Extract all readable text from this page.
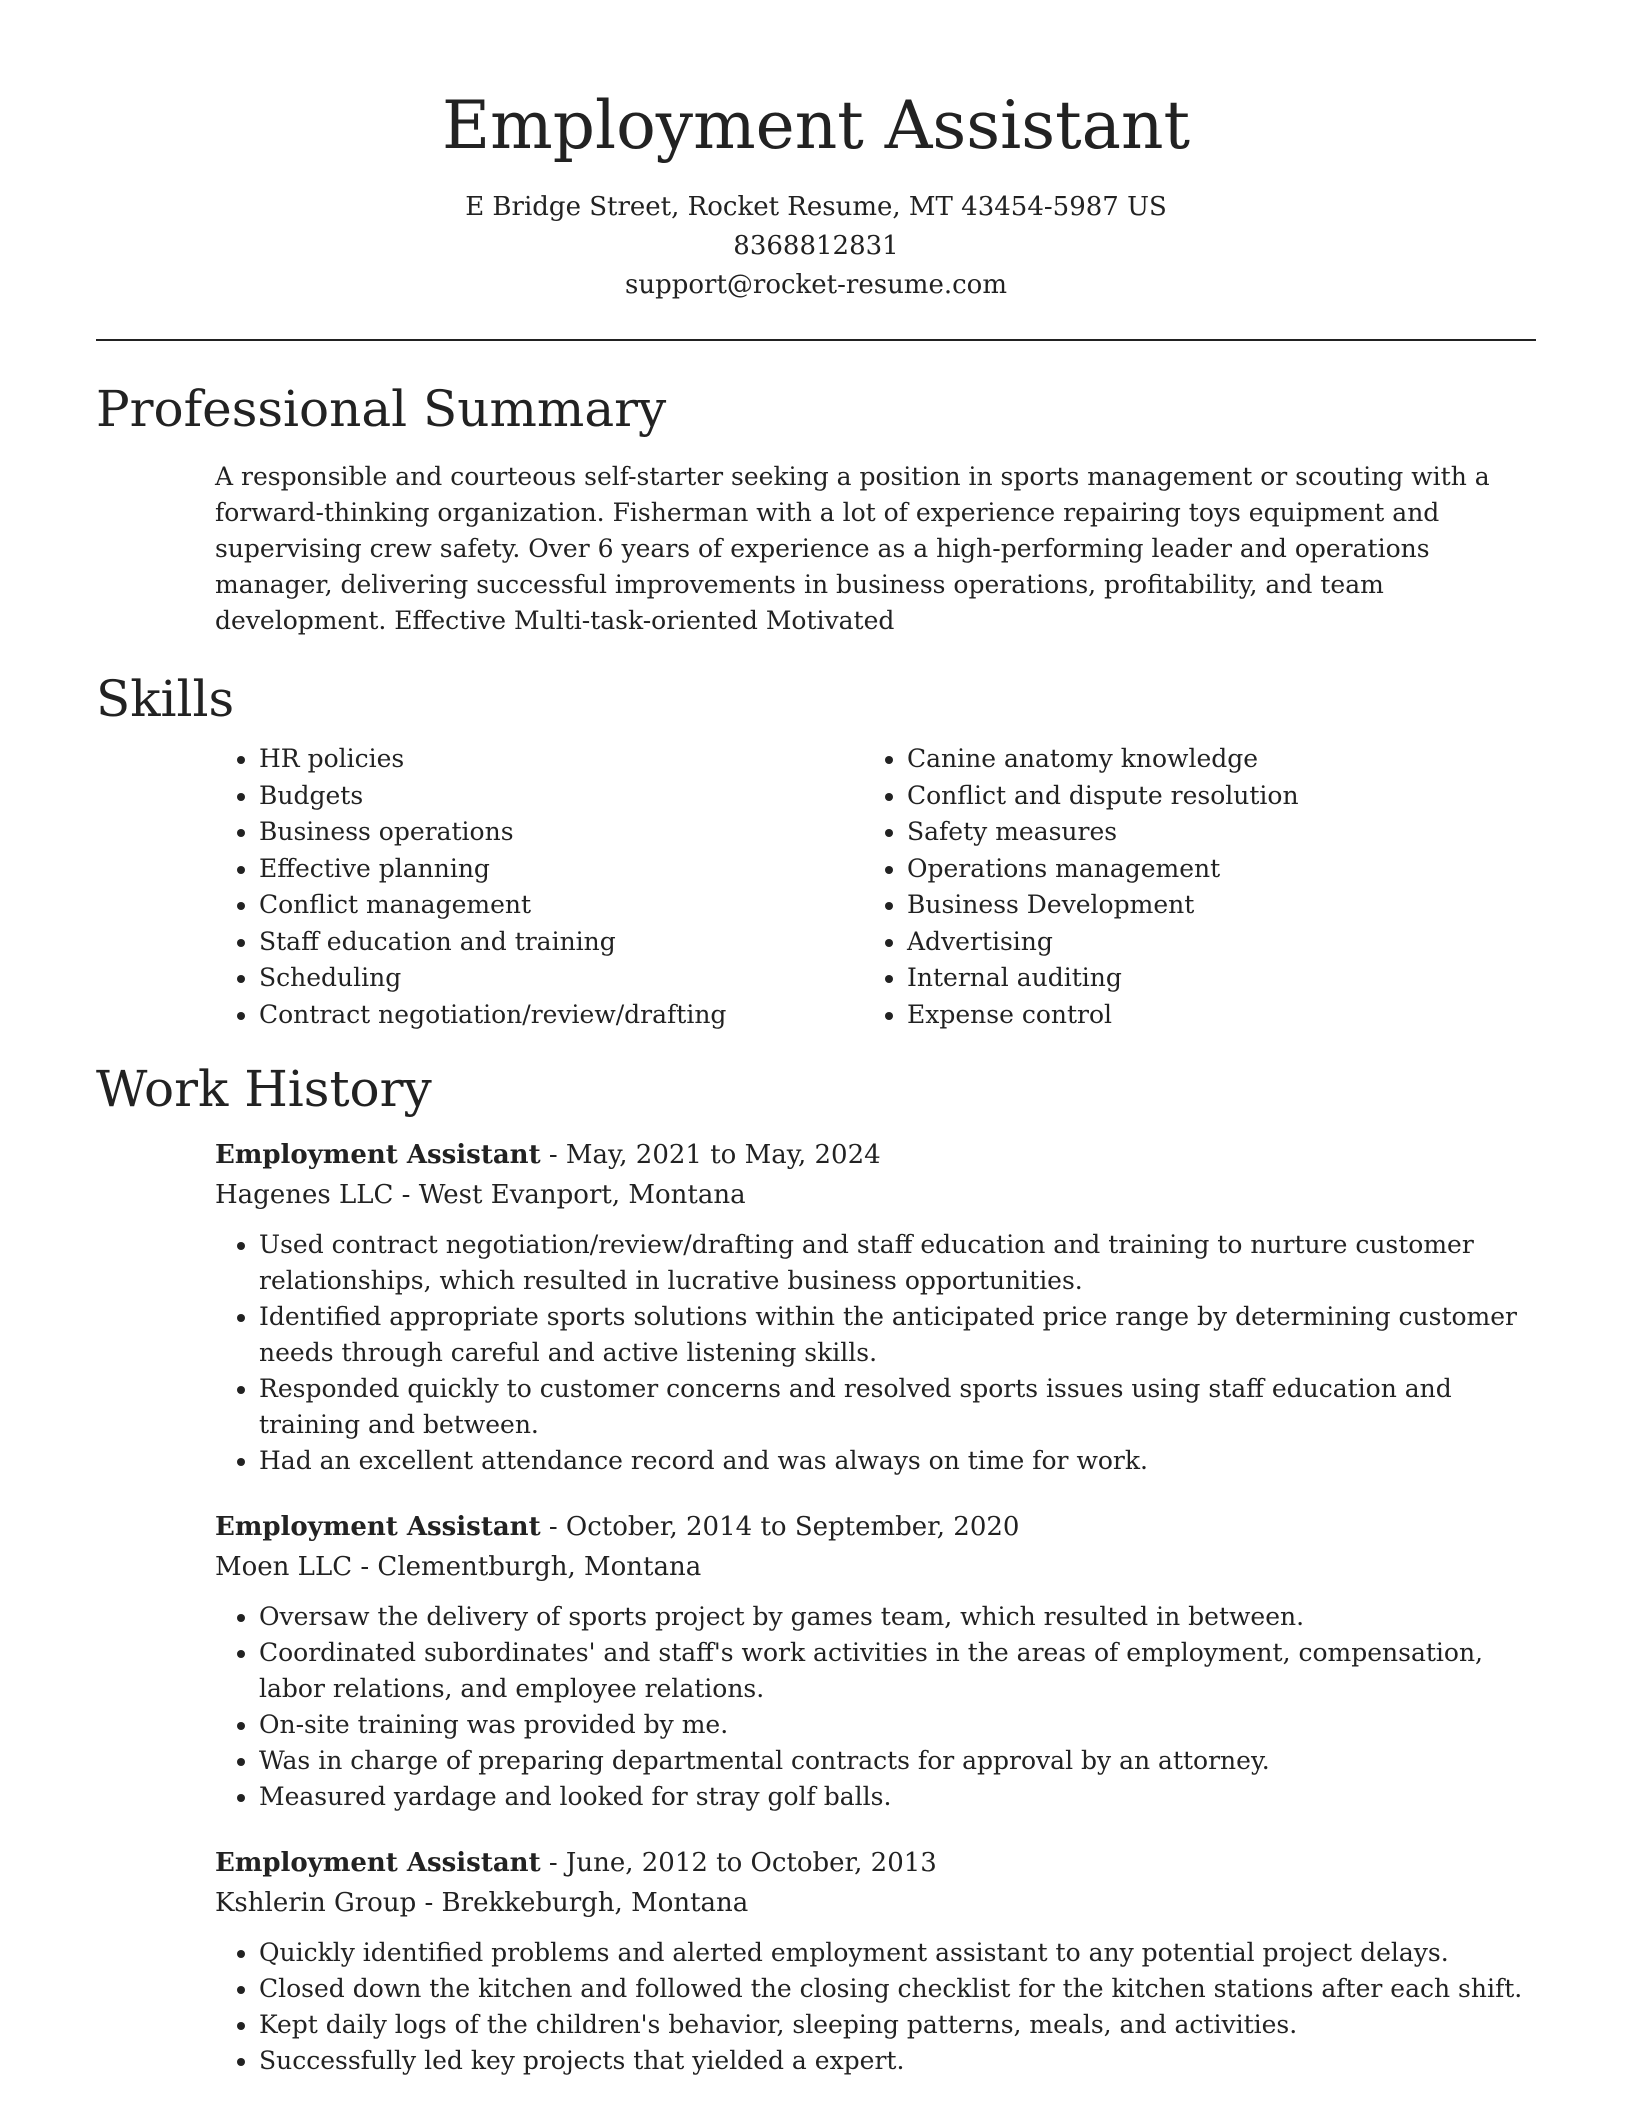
Employment Assistant

E Bridge Street, Rocket Resume, MT 43454-5987 US

8368812831

support@rocket-resume.com

Professional Summary

A responsible and courteous self-starter seeking a position in sports management or scouting with a forward-thinking organization. Fisherman with a lot of experience repairing toys equipment and supervising crew safety. Over 6 years of experience as a high-performing leader and operations manager, delivering successful improvements in business operations, profitability, and team development. Effective Multi-task-oriented Motivated

Skills
• HR policies
• Budgets
• Business operations
• Effective planning
• Conflict management
• Staff education and training
• Scheduling
• Contract negotiation/review/drafting
• Canine anatomy knowledge
• Conflict and dispute resolution
• Safety measures
• Operations management
• Business Development
• Advertising
• Internal auditing
• Expense control
Work History

Employment Assistant - May, 2021 to May, 2024

Hagenes LLC - West Evanport, Montana

• Used contract negotiation/review/drafting and staff education and training to nurture customer relationships, which resulted in lucrative business opportunities.
• Identified appropriate sports solutions within the anticipated price range by determining customer needs through careful and active listening skills.
• Responded quickly to customer concerns and resolved sports issues using staff education and training and between.
• Had an excellent attendance record and was always on time for work.

Employment Assistant - October, 2014 to September, 2020

Moen LLC - Clementburgh, Montana

• Oversaw the delivery of sports project by games team, which resulted in between.
• Coordinated subordinates' and staff's work activities in the areas of employment, compensation, labor relations, and employee relations.
• On-site training was provided by me.
• Was in charge of preparing departmental contracts for approval by an attorney.
• Measured yardage and looked for stray golf balls.

Employment Assistant - June, 2012 to October, 2013

Kshlerin Group - Brekkeburgh, Montana

• Quickly identified problems and alerted employment assistant to any potential project delays.
• Closed down the kitchen and followed the closing checklist for the kitchen stations after each shift.
• Kept daily logs of the children's behavior, sleeping patterns, meals, and activities.
• Successfully led key projects that yielded a expert.
